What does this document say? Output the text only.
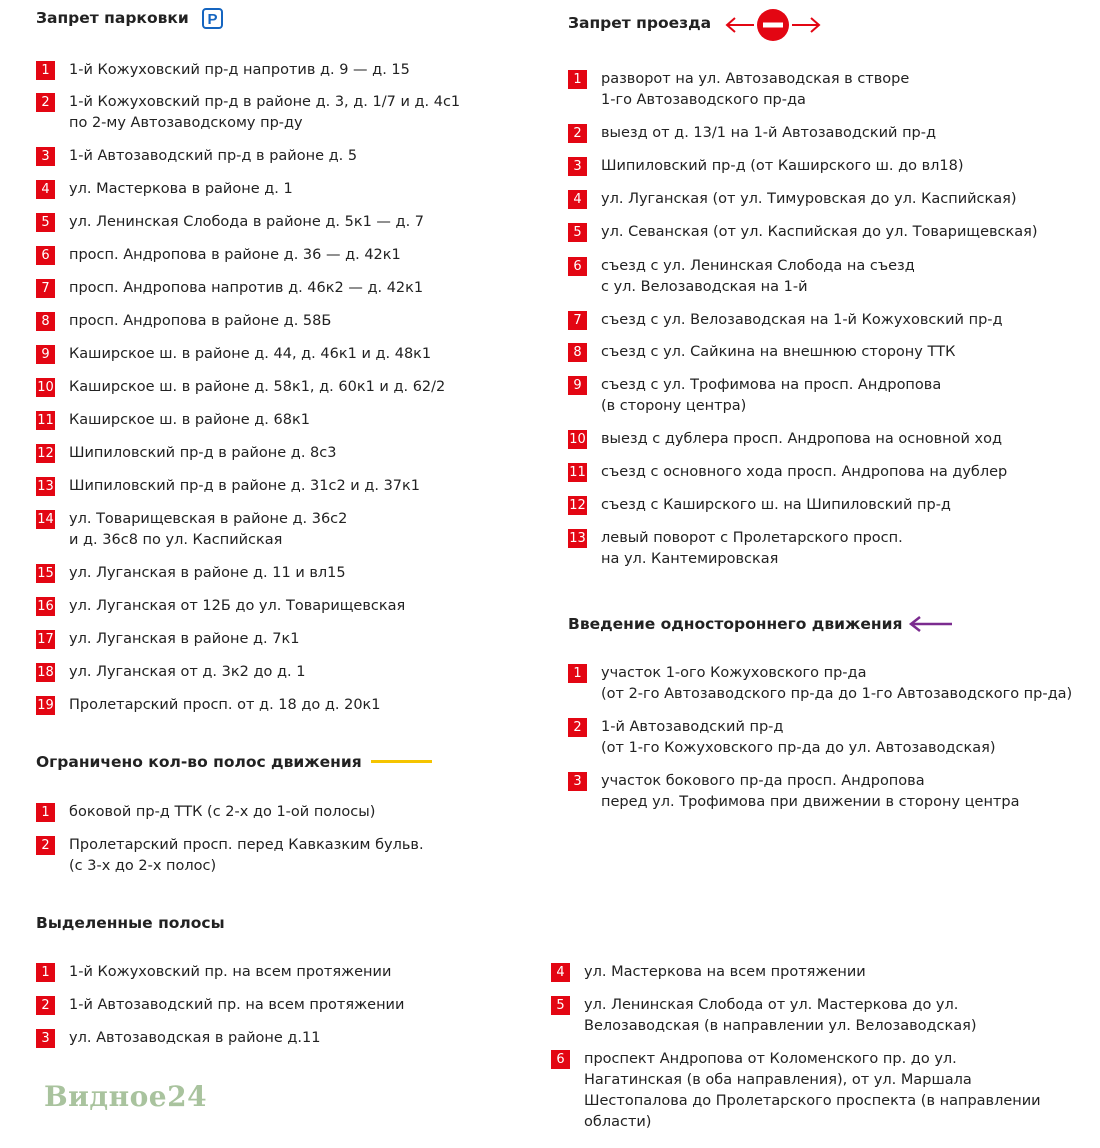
Запрет парковки P	Запрет проезда
Ограничено кол-во полос движения
Введение одностороннего движения
Выделенные полосы
1	1-й Кожуховский пр-д напротив д. 9 — д. 15
2	1-й Кожуховский пр-д в районе д. 3, д. 1/7 и д. 4с1
по 2-му Автозаводскому пр-ду
3	1-й Автозаводский пр-д в районе д. 5
4	ул. Мастеркова в районе д. 1
5	ул. Ленинская Слобода в районе д. 5к1 — д. 7
6	просп. Андропова в районе д. 36 — д. 42к1
7	просп. Андропова напротив д. 46к2 — д. 42к1
8	просп. Андропова в районе д. 58Б
9	Каширское ш. в районе д. 44, д. 46к1 и д. 48к1
10 Каширское ш. в районе д. 58к1, д. 60к1 и д. 62/2
11 Каширское ш. в районе д. 68к1
12 Шипиловский пр-д в районе д. 8с3
13 Шипиловский пр-д в районе д. 31с2 и д. 37к1
14 ул. Товарищевская в районе д. 36с2
и д. 36с8 по ул. Каспийская
15 ул. Луганская в районе д. 11 и вл15
16 ул. Луганская от 12Б до ул. Товарищевская
17 ул. Луганская в районе д. 7к1
18 ул. Луганская от д. 3к2 до д. 1
19 Пролетарский просп. от д. 18 до д. 20к1
1	боковой пр-д ТТК (с 2-х до 1-ой полосы)
2	Пролетарский просп. перед Кавказким бульв.
(с 3-х до 2-х полос)
1	разворот на ул. Автозаводская в створе
1-го Автозаводского пр-да
2	выезд от д. 13/1 на 1-й Автозаводский пр-д
3	Шипиловский пр-д (от Каширского ш. до вл18)
4	ул. Луганская (от ул. Тимуровская до ул. Каспийская)
5	ул. Севанская (от ул. Каспийская до ул. Товарищевская)
6	съезд с ул. Ленинская Слобода на съезд
с ул. Велозаводская на 1-й
7	съезд с ул. Велозаводская на 1-й Кожуховский пр-д
8	съезд с ул. Сайкина на внешнюю сторону ТТК
9	съезд с ул. Трофимова на просп. Андропова
(в сторону центра)
10 выезд с дублера просп. Андропова на основной ход
11 съезд с основного хода просп. Андропова на дублер
12 съезд с Каширского ш. на Шипиловский пр-д
13 левый поворот с Пролетарского просп.
на ул. Кантемировская
1	участок 1-ого Кожуховского пр-да
(от 2-го Автозаводского пр-да до 1-го Автозаводского пр-да)
2	1-й Автозаводский пр-д
(от 1-го Кожуховского пр-да до ул. Автозаводская)
3	участок бокового пр-да просп. Андропова
перед ул. Трофимова при движении в сторону центра
1	1-й Кожуховский пр. на всем протяжении
2	1-й Автозаводский пр. на всем протяжении
3	ул. Автозаводская в районе д.11
4	ул. Мастеркова на всем протяжении
5	ул. Ленинская Слобода от ул. Мастеркова до ул.
Велозаводская (в направлении ул. Велозаводская)
6	проспект Андропова от Коломенского пр. до ул.
Нагатинская (в оба направления), от ул. Маршала
Шестопалова до Пролетарского проспекта (в направлении
области)
Видное24
